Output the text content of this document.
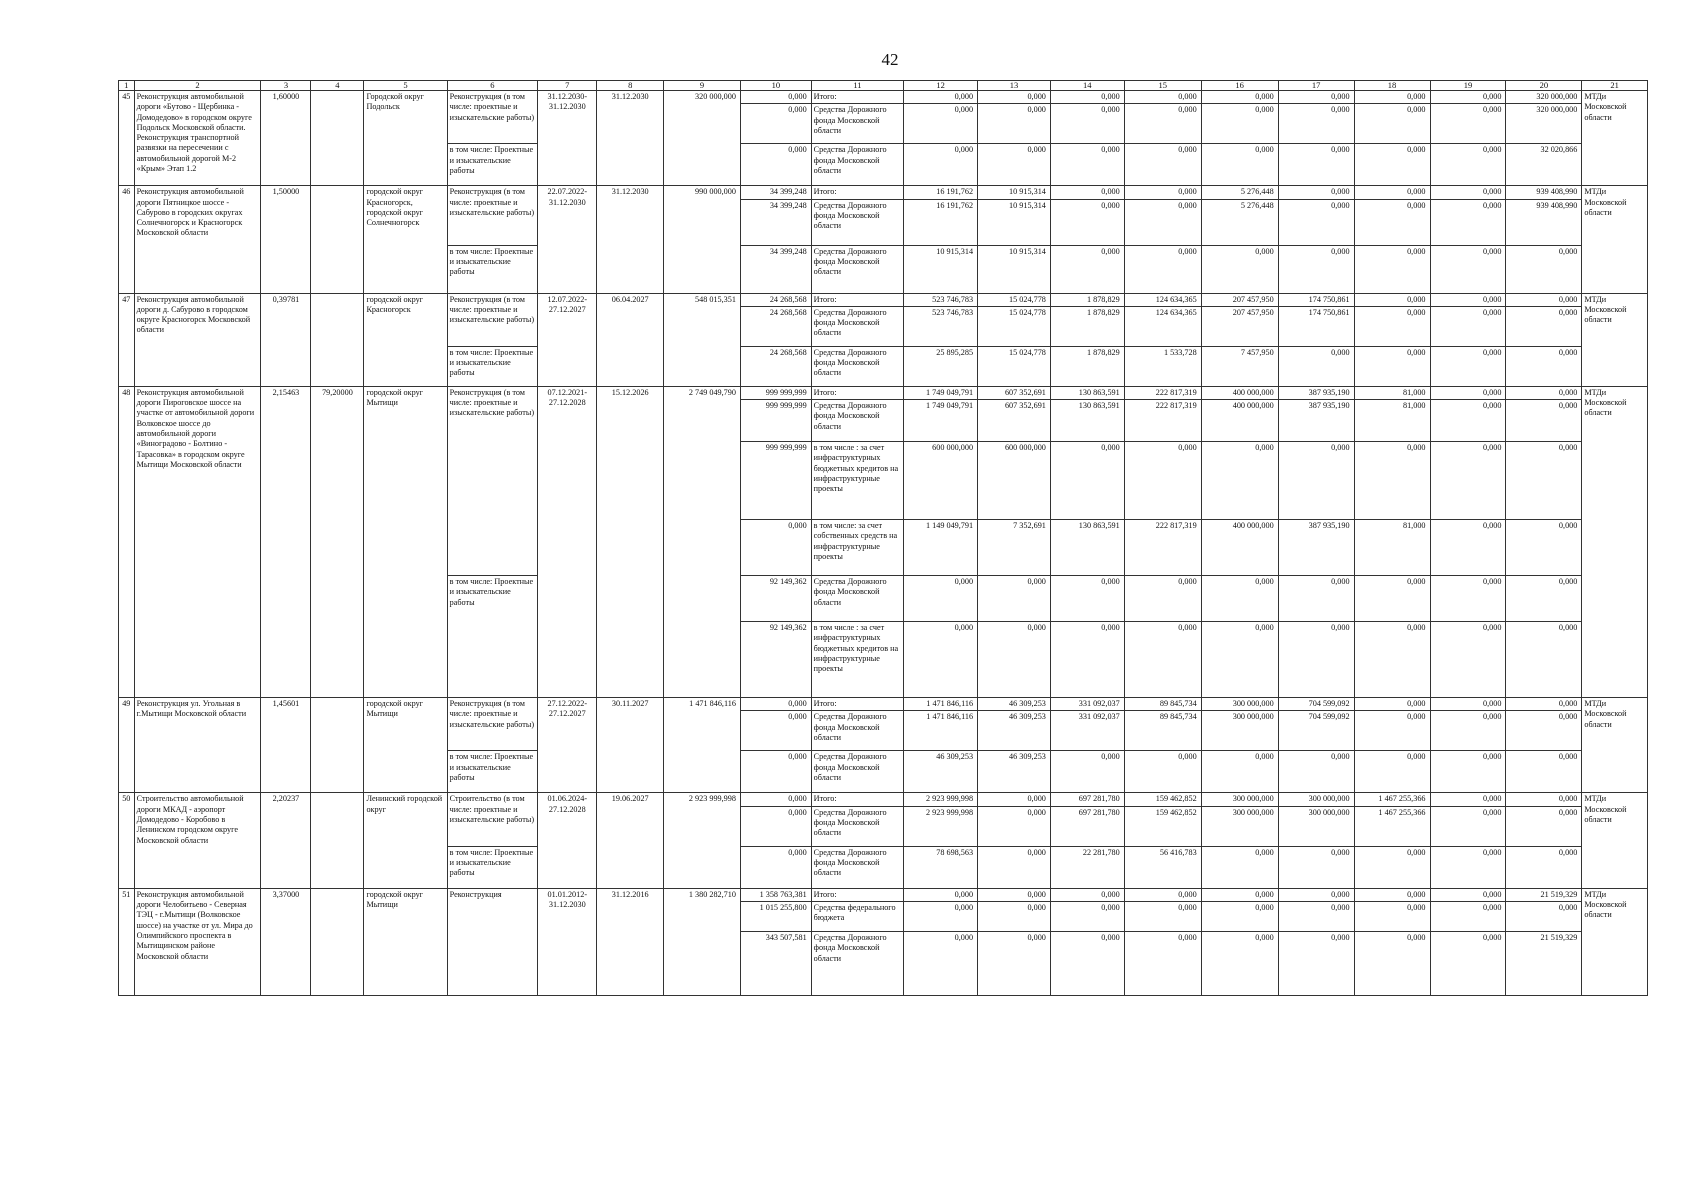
42
1	2	3	4	5	6	7	8	9	10	11	12	13	14	15	16	17	18	19	20	21
45	Реконструкция автомобильной дороги «Бутово - Щербинка - Домодедово» в городском округе Подольск Московской области. Реконструкция транспортной развязки на пересечении с автомобильной дорогой М-2 «Крым» Этап 1.2	1,60000		Городской округ Подольск	Реконструкция (в том числе: проектные и изыскательские работы)	31.12.2030-31.12.2030	31.12.2030	320 000,000	0,000	Итого:	0,000	0,000	0,000	0,000	0,000	0,000	0,000	0,000	320 000,000	МТДи Московской области
									0,000	Средства Дорожного фонда Московской области	0,000	0,000	0,000	0,000	0,000	0,000	0,000	0,000	320 000,000	
					в том числе: Проектные и изыскательские работы				0,000	Средства Дорожного фонда Московской области	0,000	0,000	0,000	0,000	0,000	0,000	0,000	0,000	32 020,866	
46	Реконструкция автомобильной дороги Пятницкое шоссе - Сабурово в городских округах Солнечногорск и Красногорск Московской области	1,50000		городской округ Красногорск, городской округ Солнечногорск	Реконструкция (в том числе: проектные и изыскательские работы)	22.07.2022-31.12.2030	31.12.2030	990 000,000	34 399,248	Итого:	16 191,762	10 915,314	0,000	0,000	5 276,448	0,000	0,000	0,000	939 408,990	МТДи Московской области
									34 399,248	Средства Дорожного фонда Московской области	16 191,762	10 915,314	0,000	0,000	5 276,448	0,000	0,000	0,000	939 408,990	
					в том числе: Проектные и изыскательские работы				34 399,248	Средства Дорожного фонда Московской области	10 915,314	10 915,314	0,000	0,000	0,000	0,000	0,000	0,000	0,000	
47	Реконструкция автомобильной дороги д. Сабурово в городском округе Красногорск Московской области	0,39781		городской округ Красногорск	Реконструкция (в том числе: проектные и изыскательские работы)	12.07.2022-27.12.2027	06.04.2027	548 015,351	24 268,568	Итого:	523 746,783	15 024,778	1 878,829	124 634,365	207 457,950	174 750,861	0,000	0,000	0,000	МТДи Московской области
									24 268,568	Средства Дорожного фонда Московской области	523 746,783	15 024,778	1 878,829	124 634,365	207 457,950	174 750,861	0,000	0,000	0,000	
					в том числе: Проектные и изыскательские работы				24 268,568	Средства Дорожного фонда Московской области	25 895,285	15 024,778	1 878,829	1 533,728	7 457,950	0,000	0,000	0,000	0,000	
48	Реконструкция автомобильной дороги Пироговское шоссе на участке от автомобильной дороги Волковское шоссе до автомобильной дороги «Виноградово - Болтино - Тарасовка» в городском округе Мытищи Московской области	2,15463	79,20000	городской округ Мытищи	Реконструкция (в том числе: проектные и изыскательские работы)	07.12.2021-27.12.2028	15.12.2026	2 749 049,790	999 999,999	Итого:	1 749 049,791	607 352,691	130 863,591	222 817,319	400 000,000	387 935,190	81,000	0,000	0,000	МТДи Московской области
									999 999,999	Средства Дорожного фонда Московской области	1 749 049,791	607 352,691	130 863,591	222 817,319	400 000,000	387 935,190	81,000	0,000	0,000	
									999 999,999	в том числе : за счет инфраструктурных бюджетных кредитов на инфраструктурные проекты	600 000,000	600 000,000	0,000	0,000	0,000	0,000	0,000	0,000	0,000	
									0,000	в том числе: за счет собственных средств на инфраструктурные проекты	1 149 049,791	7 352,691	130 863,591	222 817,319	400 000,000	387 935,190	81,000	0,000	0,000	
					в том числе: Проектные и изыскательские работы				92 149,362	Средства Дорожного фонда Московской области	0,000	0,000	0,000	0,000	0,000	0,000	0,000	0,000	0,000	
									92 149,362	в том числе : за счет инфраструктурных бюджетных кредитов на инфраструктурные проекты	0,000	0,000	0,000	0,000	0,000	0,000	0,000	0,000	0,000	
49	Реконструкция ул. Угольная в г.Мытищи Московской области	1,45601		городской округ Мытищи	Реконструкция (в том числе: проектные и изыскательские работы)	27.12.2022-27.12.2027	30.11.2027	1 471 846,116	0,000	Итого:	1 471 846,116	46 309,253	331 092,037	89 845,734	300 000,000	704 599,092	0,000	0,000	0,000	МТДи Московской области
									0,000	Средства Дорожного фонда Московской области	1 471 846,116	46 309,253	331 092,037	89 845,734	300 000,000	704 599,092	0,000	0,000	0,000	
					в том числе: Проектные и изыскательские работы				0,000	Средства Дорожного фонда Московской области	46 309,253	46 309,253	0,000	0,000	0,000	0,000	0,000	0,000	0,000	
50	Строительство автомобильной дороги МКАД - аэропорт Домодедово - Коробово в Ленинском городском округе Московской области	2,20237		Ленинский городской округ	Строительство (в том числе: проектные и изыскательские работы)	01.06.2024-27.12.2028	19.06.2027	2 923 999,998	0,000	Итого:	2 923 999,998	0,000	697 281,780	159 462,852	300 000,000	300 000,000	1 467 255,366	0,000	0,000	МТДи Московской области
									0,000	Средства Дорожного фонда Московской области	2 923 999,998	0,000	697 281,780	159 462,852	300 000,000	300 000,000	1 467 255,366	0,000	0,000	
					в том числе: Проектные и изыскательские работы				0,000	Средства Дорожного фонда Московской области	78 698,563	0,000	22 281,780	56 416,783	0,000	0,000	0,000	0,000	0,000	
51	Реконструкция автомобильной дороги Челобитьево - Северная ТЭЦ - г.Мытищи (Волковское шоссе) на участке от ул. Мира до Олимпийского проспекта в Мытищинском районе Московской области	3,37000		городской округ Мытищи	Реконструкция	01.01.2012-31.12.2030	31.12.2016	1 380 282,710	1 358 763,381	Итого:	0,000	0,000	0,000	0,000	0,000	0,000	0,000	0,000	21 519,329	МТДи Московской области
									1 015 255,800	Средства федерального бюджета	0,000	0,000	0,000	0,000	0,000	0,000	0,000	0,000	0,000	
									343 507,581	Средства Дорожного фонда Московской области	0,000	0,000	0,000	0,000	0,000	0,000	0,000	0,000	21 519,329	
